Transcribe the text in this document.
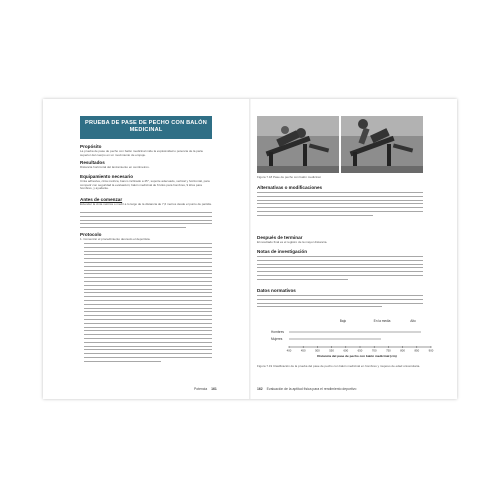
PRUEBA DE PASE DE PECHO CON BALÓN MEDICINAL
Propósito
La prueba de pase de pecho con balón medicinal mide la explosividad o potencia de la parte superior del cuerpo en un movimiento de empuje.
Resultados
Distancia horizontal del lanzamiento en centímetros.
Equipamiento necesario
Cinta adhesiva, cinta métrica, banco inclinado a 45°, soporte adecuado, vertical y horizontal, para competir con seguridad la evaluación; balón medicinal de 6 kilos para hombres, 9 kilos para hombres, y ayudante.
Antes de comenzar
Extender la cinta métrica o medir a lo largo de la distancia de 7,6 metros desde el punto de partida.
Protocolo
1. Comenzar el procedimiento desnudo el deportista.
Potencia 161
Figura 7.18 Pase de pecho con balón medicinal.
Alternativas o modificaciones
Después de terminar
El resultado final es el registro de la mayor distancia.
Notas de investigación
Datos normativos
Bajo	En la media	Alto
Hombres
Mujeres
400	450	500	550	600	650	700	750	800	850	900
Distancia del pase de pecho con balón medicinal (cm)
Figura 7.19 Clasificación de la prueba del pase de pecho con balón medicinal en hombres y mujeres de edad universitaria.
162 Evaluación de la aptitud física para el rendimiento deportivo
